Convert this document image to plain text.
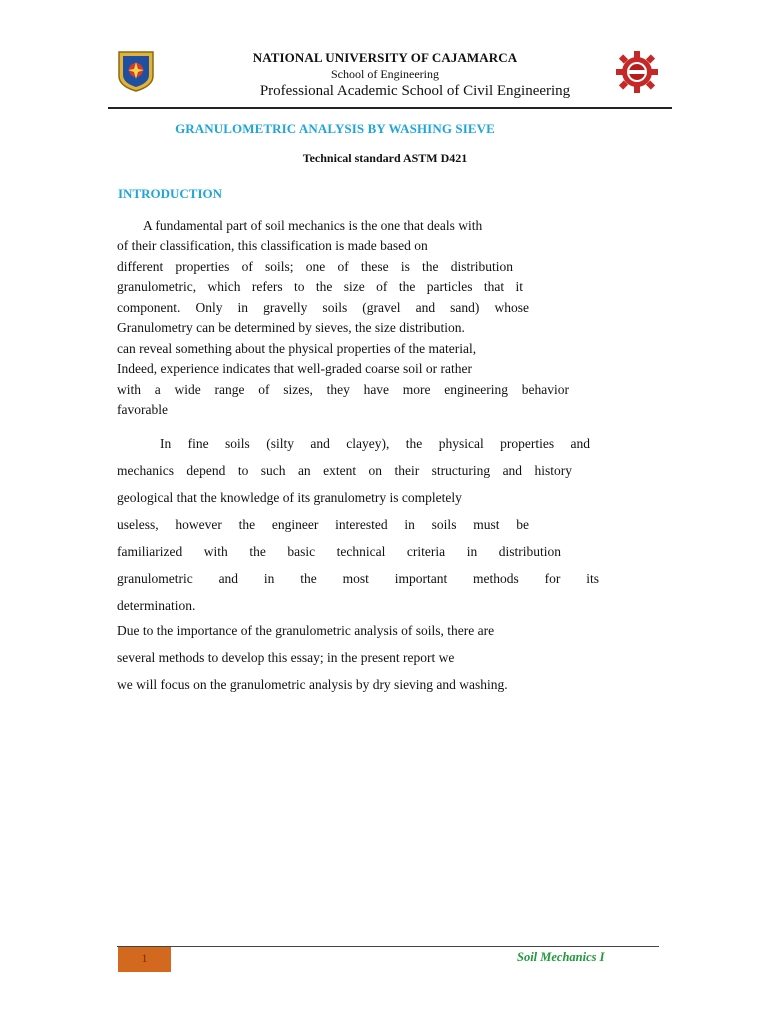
NATIONAL UNIVERSITY OF CAJAMARCA
School of Engineering
Professional Academic School of Civil Engineering
GRANULOMETRIC ANALYSIS BY WASHING SIEVE
Technical standard ASTM D421
INTRODUCTION
A fundamental part of soil mechanics is the one that deals with
of their classification, this classification is made based on
different properties of soils; one of these is the distribution
granulometric, which refers to the size of the particles that it
component. Only in gravelly soils (gravel and sand) whose
Granulometry can be determined by sieves, the size distribution.
can reveal something about the physical properties of the material,
Indeed, experience indicates that well-graded coarse soil or rather
with a wide range of sizes, they have more engineering behavior
favorable
In fine soils (silty and clayey), the physical properties and
mechanics depend to such an extent on their structuring and history
geological that the knowledge of its granulometry is completely
useless, however the engineer interested in soils must be
familiarized with the basic technical criteria in distribution
granulometric and in the most important methods for its
determination.
Due to the importance of the granulometric analysis of soils, there are
several methods to develop this essay; in the present report we
we will focus on the granulometric analysis by dry sieving and washing.
1	Soil Mechanics I
